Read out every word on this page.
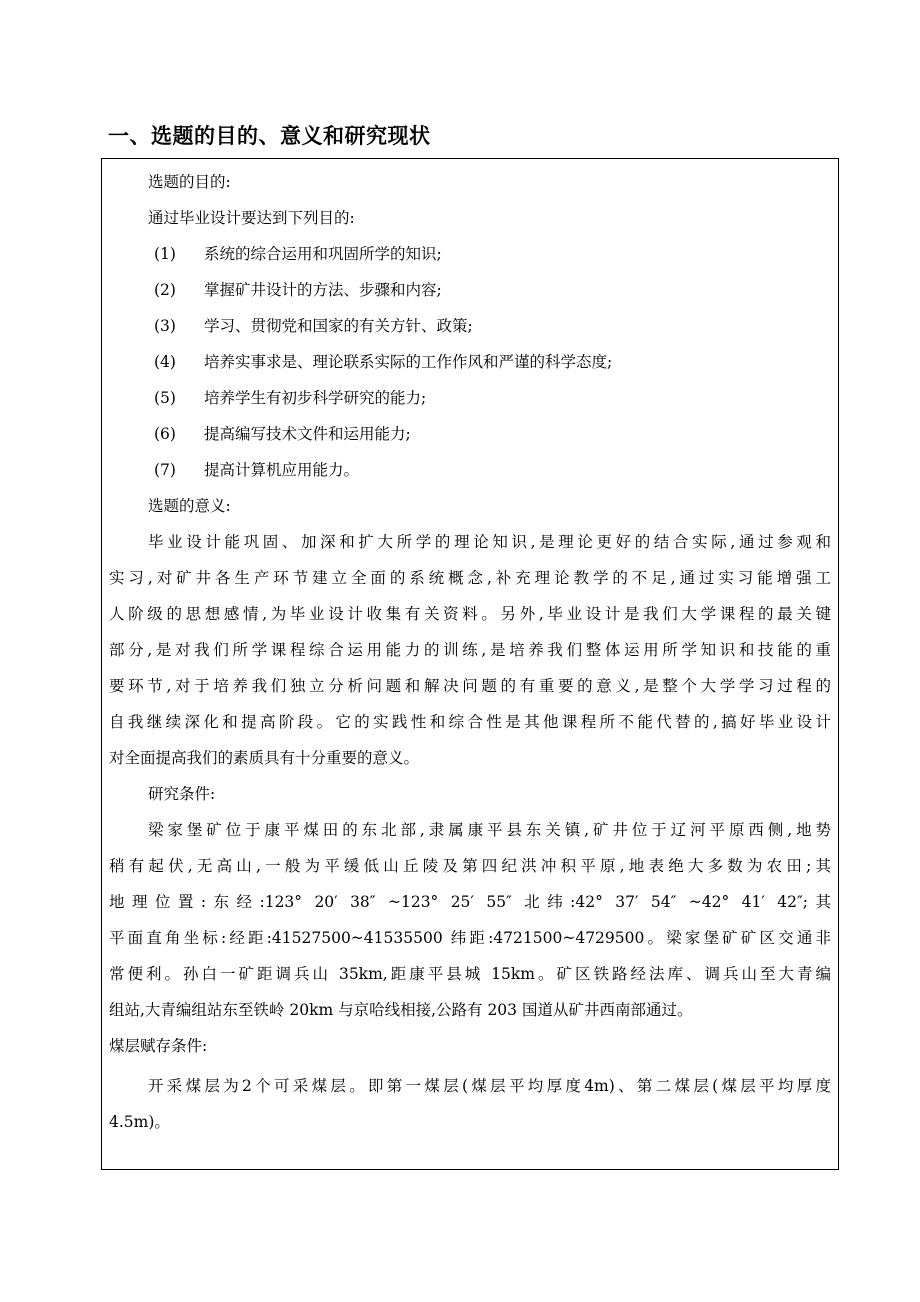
一、选题的目的、意义和研究现状

选题的目的:

通过毕业设计要达到下列目的:

(1) 系统的综合运用和巩固所学的知识;
(2) 掌握矿井设计的方法、步骤和内容;
(3) 学习、贯彻党和国家的有关方针、政策;
(4) 培养实事求是、理论联系实际的工作作风和严谨的科学态度;
(5) 培养学生有初步科学研究的能力;
(6) 提高编写技术文件和运用能力;
(7) 提高计算机应用能力。

选题的意义:

毕业设计能巩固、加深和扩大所学的理论知识,是理论更好的结合实际,通过参观和

实习,对矿井各生产环节建立全面的系统概念,补充理论教学的不足,通过实习能增强工

人阶级的思想感情,为毕业设计收集有关资料。另外,毕业设计是我们大学课程的最关键

部分,是对我们所学课程综合运用能力的训练,是培养我们整体运用所学知识和技能的重

要环节,对于培养我们独立分析问题和解决问题的有重要的意义,是整个大学学习过程的

自我继续深化和提高阶段。它的实践性和综合性是其他课程所不能代替的,搞好毕业设计

对全面提高我们的素质具有十分重要的意义。

研究条件:

梁家堡矿位于康平煤田的东北部,隶属康平县东关镇,矿井位于辽河平原西侧,地势

稍有起伏,无高山,一般为平缓低山丘陵及第四纪洪冲积平原,地表绝大多数为农田;其

地理位置:东经:123° 20′ 38″ ~123° 25′ 55″ 北纬:42° 37′ 54″ ~42° 41′ 42″;其

平面直角坐标:经距:41527500~41535500 纬距:4721500~4729500。梁家堡矿矿区交通非

常便利。孙白一矿距调兵山 35km,距康平县城 15km。矿区铁路经法库、调兵山至大青编

组站,大青编组站东至铁岭 20km 与京哈线相接,公路有 203 国道从矿井西南部通过。

煤层赋存条件:

开采煤层为2个可采煤层。即第一煤层(煤层平均厚度4m)、第二煤层(煤层平均厚度

4.5m)。
